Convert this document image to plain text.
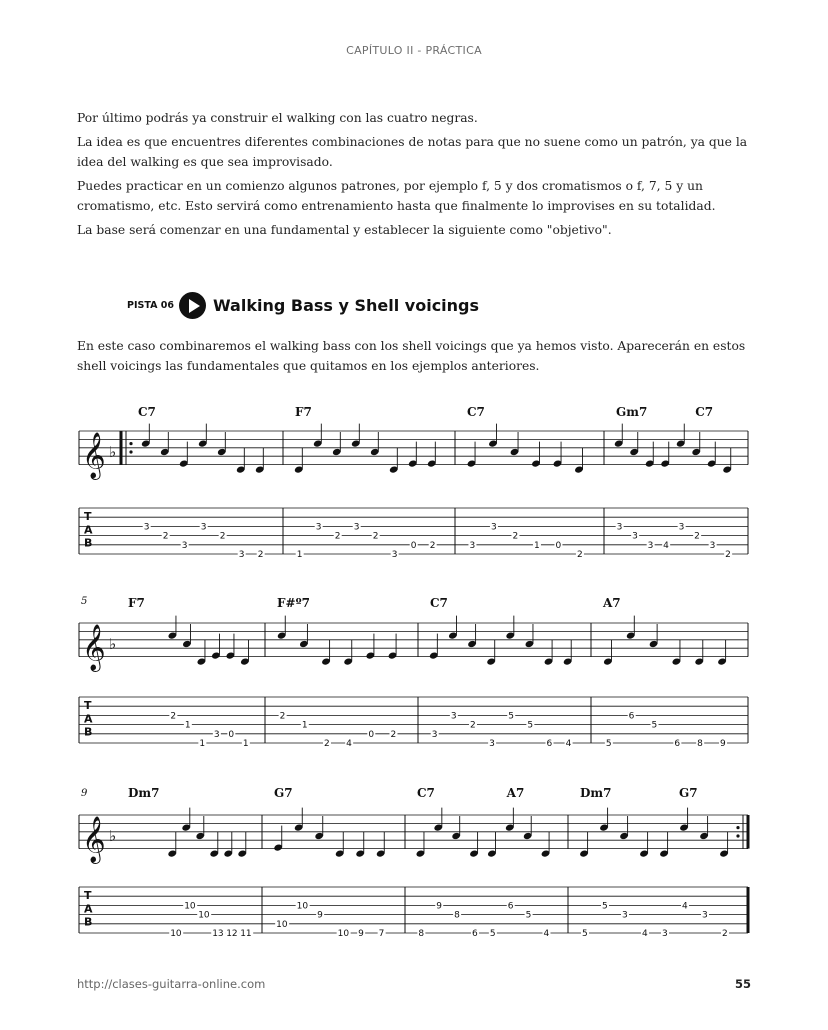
CAPÍTULO II - PRÁCTICA

Por último podrás ya construir el walking con las cuatro negras.

La idea es que encuentres diferentes combinaciones de notas para que no suene como un patrón, ya que la idea del walking es que sea improvisado.

Puedes practicar en un comienzo algunos patrones, por ejemplo f, 5 y dos cromatismos o f, 7, 5 y un cromatismo, etc. Esto servirá como entrenamiento hasta que finalmente lo improvises en su totalidad.

La base será comenzar en una fundamental y establecer la siguiente como "objetivo".

PISTA 06 Walking Bass y Shell voicings
En este caso combinaremos el walking bass con los shell voicings que ya hemos visto. Aparecerán en estos shell voicings las fundamentales que quitamos en los ejemplos anteriores.
𝄞 ♭
T
A
B
C7
3
2
3
3
2
3 2
F7
1
3
2
3
2
3
0 2
C7
3
3
2
1 0
2
Gm7	C7
3
3
3 4
3
2
3
2
𝄞 ♭
T
A
B
5	F7
2
1
1
3 0
1
F#º7
2
1
2 4
0 2
C7
3
3
2
3
5
5
6 4
A7
5
6
5
6 8 9
𝄞 ♭
T
A
B
9	Dm7
10
10
10
13 12 11
G7
10
10
9
10 9 7
C7	A7
8
9
8
6 5
6
5
4
Dm7	G7
5
5
3
4 3
4
3
2
http://clases-guitarra-online.com	55
